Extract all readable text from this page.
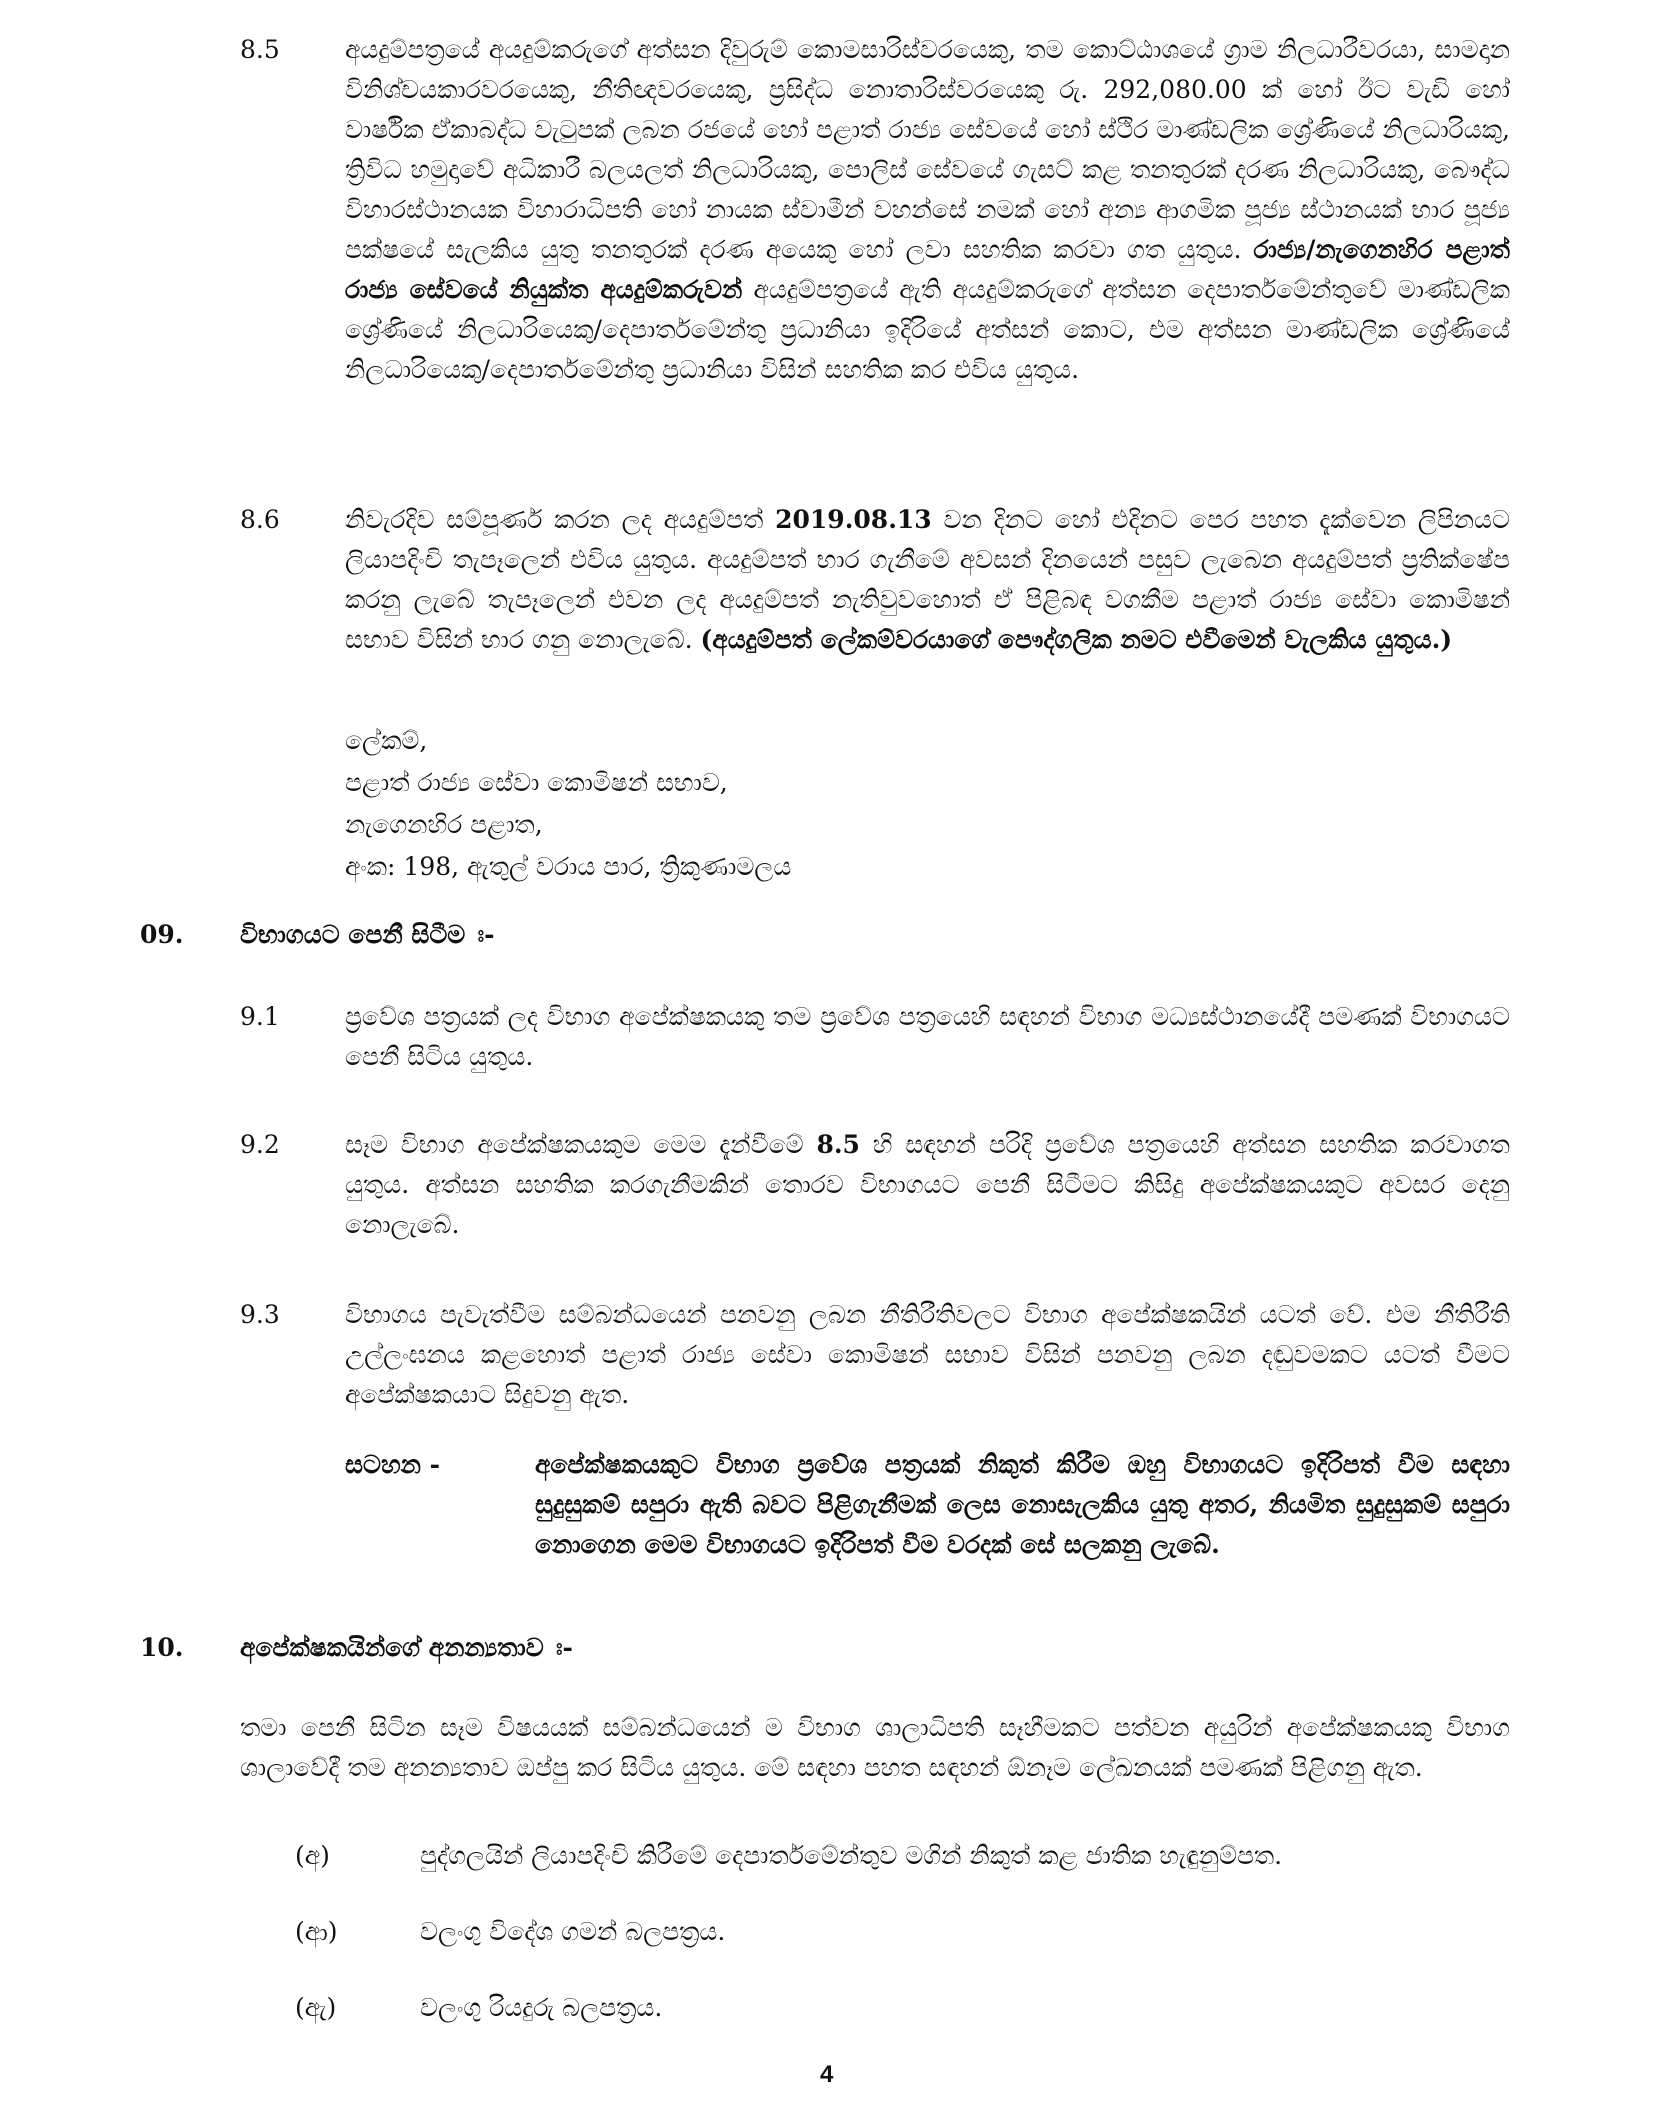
8.5	අයදුම්පත්‍රයේ අයදුම්කරුගේ අත්සන දිවුරුම් කොමසාරිස්වරයෙකු, තම කොට්ඨාශයේ ග්‍රාම නිලධාරීවරයා, සාමදාන විනිශ්චයකාරවරයෙකු, නීතිඥවරයෙකු, ප්‍රසිද්ධ නොතාරිස්වරයෙකු රු. 292,080.00 ක් හෝ ඊට වැඩි හෝ වාර්ෂික ඒකාබද්ධ වැටුපක් ලබන රජයේ හෝ පළාත් රාජ්‍ය සේවයේ හෝ ස්ථිර මාණ්ඩලික ශ්‍රේණියේ නිලධාරියකු, ත්‍රිවිධ හමුදාවේ අධිකාරී බලයලත් නිලධාරියකු, පොලිස් සේවයේ ගැසට් කළ තනතුරක් දරණ නිලධාරියකු, බෞද්ධ විහාරස්ථානයක විහාරාධිපති හෝ නායක ස්වාමීන් වහන්සේ නමක් හෝ අන්‍ය ආගමික පූජ්‍ය ස්ථානයක් භාර පූජ්‍ය පක්ෂයේ සැලකිය යුතු තනතුරක් දරණ අයෙකු හෝ ලවා සහතික කරවා ගත යුතුය. රාජ්‍ය/නැගෙනහිර පළාත් රාජ්‍ය සේවයේ නියුක්ත අයදුම්කරුවන් අයදුම්පත්‍රයේ ඇති අයදුම්කරුගේ අත්සන දෙපාර්තමේන්තුවේ මාණ්ඩලික ශ්‍රේණියේ නිලධාරියෙකු/දෙපාර්තමේන්තු ප්‍රධානියා ඉදිරියේ අත්සන් කොට, එම අත්සන මාණ්ඩලික ශ්‍රේණියේ නිලධාරියෙකු/දෙපාර්තමේන්තු ප්‍රධානියා විසින් සහතික කර එවිය යුතුය.
8.6	නිවැරදිව සම්පූර්ණ කරන ලද අයදුම්පත් 2019.08.13 වන දිනට හෝ එදිනට පෙර පහත දැක්වෙන ලිපිනයට ලියාපදිංචි තැපෑලෙන් එවිය යුතුය. අයදුම්පත් භාර ගැනීමේ අවසන් දිනයෙන් පසුව ලැබෙන අයදුම්පත් ප්‍රතික්ෂේප කරනු ලැබේ තැපෑලෙන් එවන ලද අයදුම්පත් නැතිවුවහොත් ඒ පිළිබඳ වගකීම පළාත් රාජ්‍ය සේවා කොමිෂන් සභාව විසින් භාර ගනු නොලැබේ. (අයදුම්පත් ලේකම්වරයාගේ පෞද්ගලික නමට එවීමෙන් වැලකිය යුතුය.)
ලේකම්,
පළාත් රාජ්‍ය සේවා කොමිෂන් සභාව,
නැගෙනහිර පළාත,
අංක: 198, ඇතුල් වරාය පාර, ත්‍රිකුණාමලය
09. විභාගයට පෙනී සිටීම ඃ-
9.1	ප්‍රවේශ පත්‍රයක් ලද විභාග අපේක්ෂකයකු තම ප්‍රවේශ පත්‍රයෙහි සඳහන් විභාග මධ්‍යස්ථානයේදී පමණක් විභාගයට පෙනී සිටිය යුතුය.
9.2	සෑම විභාග අපේක්ෂකයකුම මෙම දැන්වීමේ 8.5 හි සඳහන් පරිදි ප්‍රවේශ පත්‍රයෙහි අත්සන සහතික කරවාගත යුතුය. අත්සන සහතික කරගැනීමකින් තොරව විභාගයට පෙනී සිටීමට කිසිදු අපේක්ෂකයකුට අවසර දෙනු නොලැබේ.
9.3	විභාගය පැවැත්වීම සම්බන්ධයෙන් පනවනු ලබන නීතිරීතිවලට විභාග අපේක්ෂකයින් යටත් වේ. එම නීතිරීති උල්ලංඝනය කළහොත් පළාත් රාජ්‍ය සේවා කොමිෂන් සභාව විසින් පනවනු ලබන දඬුවමකට යටත් වීමට අපේක්ෂකයාට සිදුවනු ඇත.
සටහන -	අපේක්ෂකයකුට විභාග ප්‍රවේශ පත්‍රයක් නිකුත් කිරීම ඔහු විභාගයට ඉදිරිපත් වීම සඳහා සුදුසුකම් සපුරා ඇති බවට පිළිගැනීමක් ලෙස නොසැලකිය යුතු අතර, නියමිත සුදුසුකම් සපුරා නොගෙන මෙම විභාගයට ඉදිරිපත් වීම වරදක් සේ සලකනු ලැබේ.
10. අපේක්ෂකයින්ගේ අනන්‍යතාව ඃ-
තමා පෙනී සිටින සෑම විෂයයක් සම්බන්ධයෙන් ම විභාග ශාලාධිපති සෑහීමකට පත්වන අයුරින් අපේක්ෂකයකු විභාග ශාලාවේදී තම අනන්‍යතාව ඔප්පු කර සිටිය යුතුය. මේ සඳහා පහත සඳහන් ඕනෑම ලේඛනයක් පමණක් පිළිගනු ඇත.
(අ)	පුද්ගලයින් ලියාපදිංචි කිරීමේ දෙපාර්තමේන්තුව මගින් නිකුත් කළ ජාතික හැඳුනුම්පත.
(ආ)	වලංගු විදේශ ගමන් බලපත්‍රය.
(ඇ)	වලංගු රියදුරු බලපත්‍රය.
4
